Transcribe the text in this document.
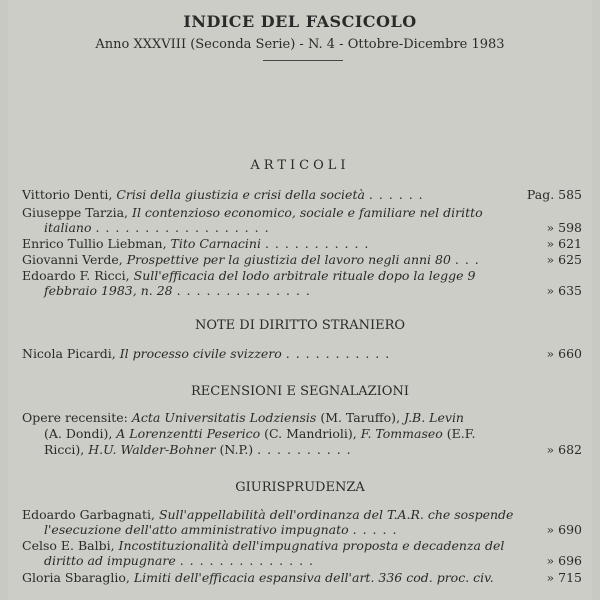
INDICE DEL FASCICOLO
Anno XXXVIII (Seconda Serie) - N. 4 - Ottobre-Dicembre 1983
ARTICOLI
Vittorio Denti, Crisi della giustizia e crisi della società . . . . . .	Pag. 585
Giuseppe Tarzia, Il contenzioso economico, sociale e familiare nel diritto
italiano . . . . . . . . . . . . . . . . . .	» 598
Enrico Tullio Liebman, Tito Carnacini . . . . . . . . . . .	» 621
Giovanni Verde, Prospettive per la giustizia del lavoro negli anni 80 . . .	» 625
Edoardo F. Ricci, Sull'efficacia del lodo arbitrale rituale dopo la legge 9
febbraio 1983, n. 28 . . . . . . . . . . . . . .	» 635
NOTE DI DIRITTO STRANIERO
Nicola Picardi, Il processo civile svizzero . . . . . . . . . . .	» 660
RECENSIONI E SEGNALAZIONI
Opere recensite: Acta Universitatis Lodziensis (M. Taruffo), J.B. Levin
(A. Dondi), A Lorenzentti Peserico (C. Mandrioli), F. Tommaseo (E.F.
Ricci), H.U. Walder-Bohner (N.P.) . . . . . . . . . .	» 682
GIURISPRUDENZA
Edoardo Garbagnati, Sull'appellabilità dell'ordinanza del T.A.R. che sospende
l'esecuzione dell'atto amministrativo impugnato . . . . .	» 690
Celso E. Balbi, Incostituzionalità dell'impugnativa proposta e decadenza del
diritto ad impugnare . . . . . . . . . . . . . .	» 696
Gloria Sbaraglio, Limiti dell'efficacia espansiva dell'art. 336 cod. proc. civ.	» 715
